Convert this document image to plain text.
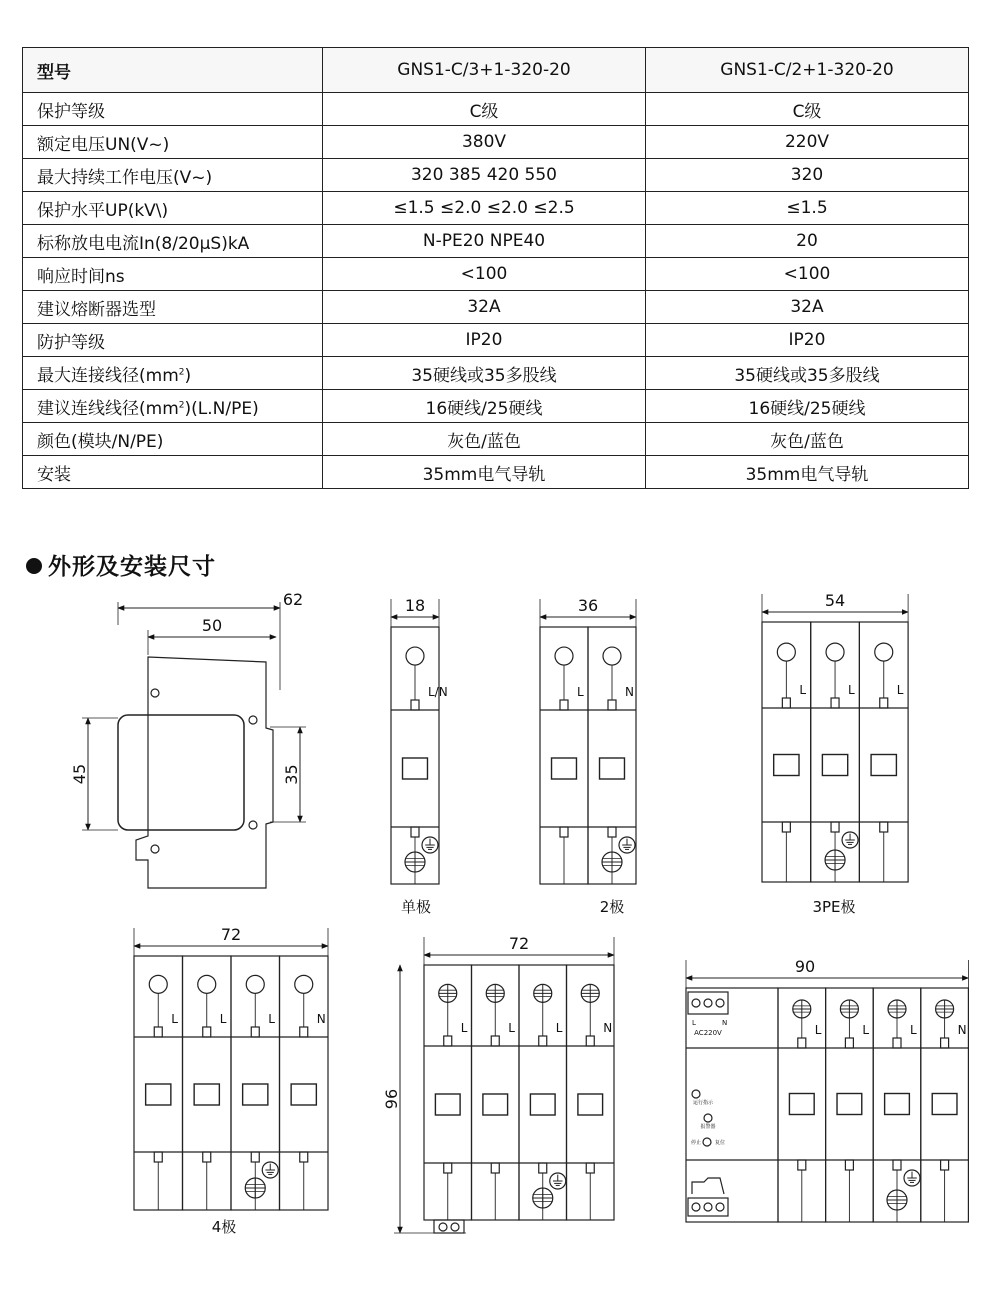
型号	GNS1-C/3+1-320-20	GNS1-C/2+1-320-20
保护等级	C级	C级
额定电压UN(V~)	380V	220V
最大持续工作电压(V~)	320 385 420 550	320
保护水平UP(kV\)	≤1.5 ≤2.0 ≤2.0 ≤2.5	≤1.5
标称放电电流In(8/20μS)kA	N-PE20 NPE40	20
响应时间ns	<100	<100
建议熔断器选型	32A	32A
防护等级	IP20	IP20
最大连接线径$(mm^2)$	35硬线或35多股线	35硬线或35多股线
建议连线线径$(mm^2)(L.N/PE)$	16硬线/25硬线	16硬线/25硬线
颜色(模块/N/PE)	灰色/蓝色	灰色/蓝色
安装	35mm电气导轨	35mm电气导轨
外形及安装尺寸
62
50
45	35
18
L/N
单极
36
L	N
2极
54
L	L	L
3PE极
72
L	L	L	N
4极
72
L	L	L	N
96
90
L	L	L	N
L	N
AC220V
运行指示
报警器
停止	复位
